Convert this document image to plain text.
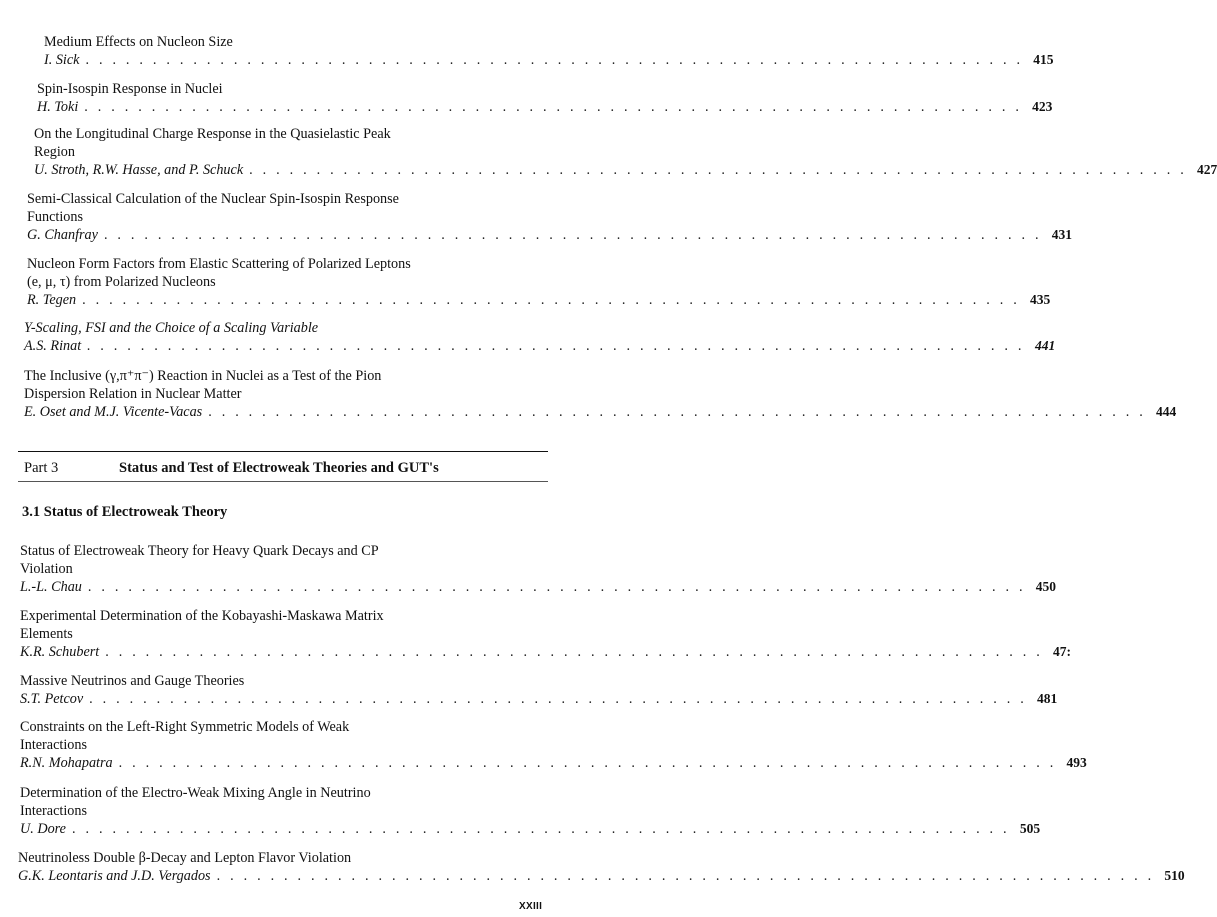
Medium Effects on Nucleon Size
I. Sick . . . . . . . . . . . . . . . . . . . . . . . . . . . . . . . . . . . . . . . . . . . . . . . . . . . . . . . . . . . . . . . . . . . . . . 415
Spin-Isospin Response in Nuclei
H. Toki . . . . . . . . . . . . . . . . . . . . . . . . . . . . . . . . . . . . . . . . . . . . . . . . . . . . . . . . . . . . . . . . . . . . . . 423
On the Longitudinal Charge Response in the Quasielastic Peak
Region
U. Stroth, R.W. Hasse, and P. Schuck . . . . . . . . . . . . . . . . . . . . . . . . . . . . . . . . . . . . . . . . . . . . . . . . . . . . . . . . . . . . . . . . . . . . . . 427
Semi-Classical Calculation of the Nuclear Spin-Isospin Response
Functions
G. Chanfray . . . . . . . . . . . . . . . . . . . . . . . . . . . . . . . . . . . . . . . . . . . . . . . . . . . . . . . . . . . . . . . . . . . . . . 431
Nucleon Form Factors from Elastic Scattering of Polarized Leptons
(e, μ, τ) from Polarized Nucleons
R. Tegen . . . . . . . . . . . . . . . . . . . . . . . . . . . . . . . . . . . . . . . . . . . . . . . . . . . . . . . . . . . . . . . . . . . . . . 435
Y-Scaling, FSI and the Choice of a Scaling Variable
A.S. Rinat . . . . . . . . . . . . . . . . . . . . . . . . . . . . . . . . . . . . . . . . . . . . . . . . . . . . . . . . . . . . . . . . . . . . . . 441
The Inclusive (γ,π⁺π⁻) Reaction in Nuclei as a Test of the Pion
Dispersion Relation in Nuclear Matter
E. Oset and M.J. Vicente-Vacas . . . . . . . . . . . . . . . . . . . . . . . . . . . . . . . . . . . . . . . . . . . . . . . . . . . . . . . . . . . . . . . . . . . . . . 444
Part 3	Status and Test of Electroweak Theories and GUT's
3.1 Status of Electroweak Theory
Status of Electroweak Theory for Heavy Quark Decays and CP
Violation
L.-L. Chau . . . . . . . . . . . . . . . . . . . . . . . . . . . . . . . . . . . . . . . . . . . . . . . . . . . . . . . . . . . . . . . . . . . . . . 450
Experimental Determination of the Kobayashi-Maskawa Matrix
Elements
K.R. Schubert . . . . . . . . . . . . . . . . . . . . . . . . . . . . . . . . . . . . . . . . . . . . . . . . . . . . . . . . . . . . . . . . . . . . . . 47:
Massive Neutrinos and Gauge Theories
S.T. Petcov . . . . . . . . . . . . . . . . . . . . . . . . . . . . . . . . . . . . . . . . . . . . . . . . . . . . . . . . . . . . . . . . . . . . . . 481
Constraints on the Left-Right Symmetric Models of Weak
Interactions
R.N. Mohapatra . . . . . . . . . . . . . . . . . . . . . . . . . . . . . . . . . . . . . . . . . . . . . . . . . . . . . . . . . . . . . . . . . . . . . . 493
Determination of the Electro-Weak Mixing Angle in Neutrino
Interactions
U. Dore . . . . . . . . . . . . . . . . . . . . . . . . . . . . . . . . . . . . . . . . . . . . . . . . . . . . . . . . . . . . . . . . . . . . . . 505
Neutrinoless Double β-Decay and Lepton Flavor Violation
G.K. Leontaris and J.D. Vergados . . . . . . . . . . . . . . . . . . . . . . . . . . . . . . . . . . . . . . . . . . . . . . . . . . . . . . . . . . . . . . . . . . . . . . 510
XXIII
